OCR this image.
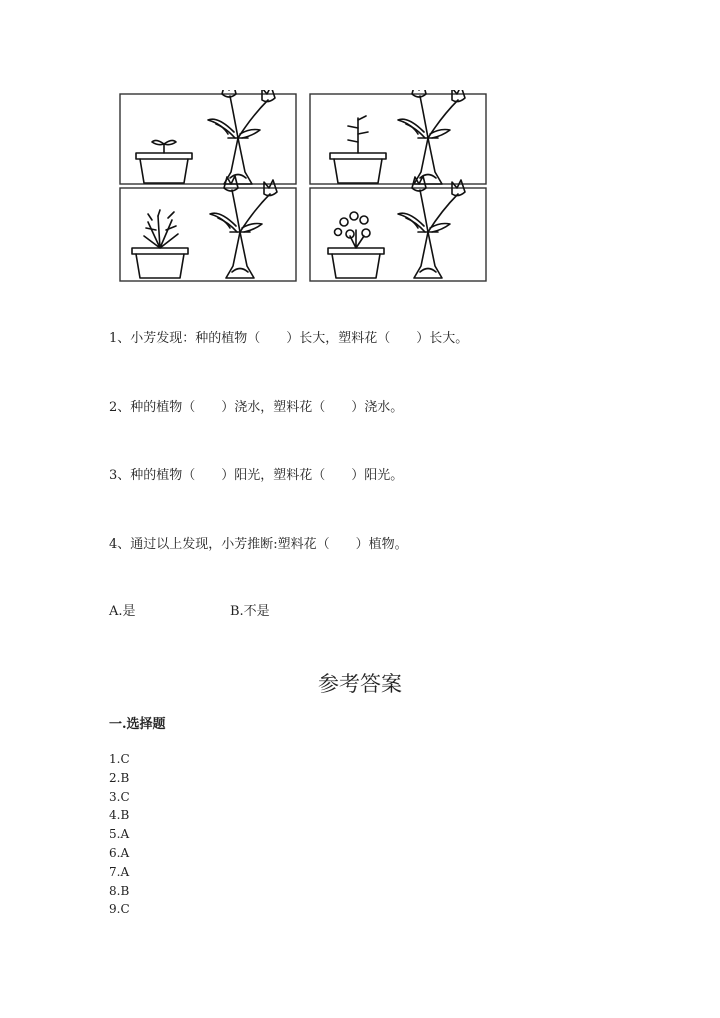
1、小芳发现：种的植物（　　）长大，塑料花（　　）长大。
2、种的植物（　　）浇水，塑料花（　　）浇水。
3、种的植物（　　）阳光，塑料花（　　）阳光。
4、通过以上发现，小芳推断:塑料花（　　）植物。
A.是	B.不是
参考答案
一.选择题
1.C
2.B
3.C
4.B
5.A
6.A
7.A
8.B
9.C
